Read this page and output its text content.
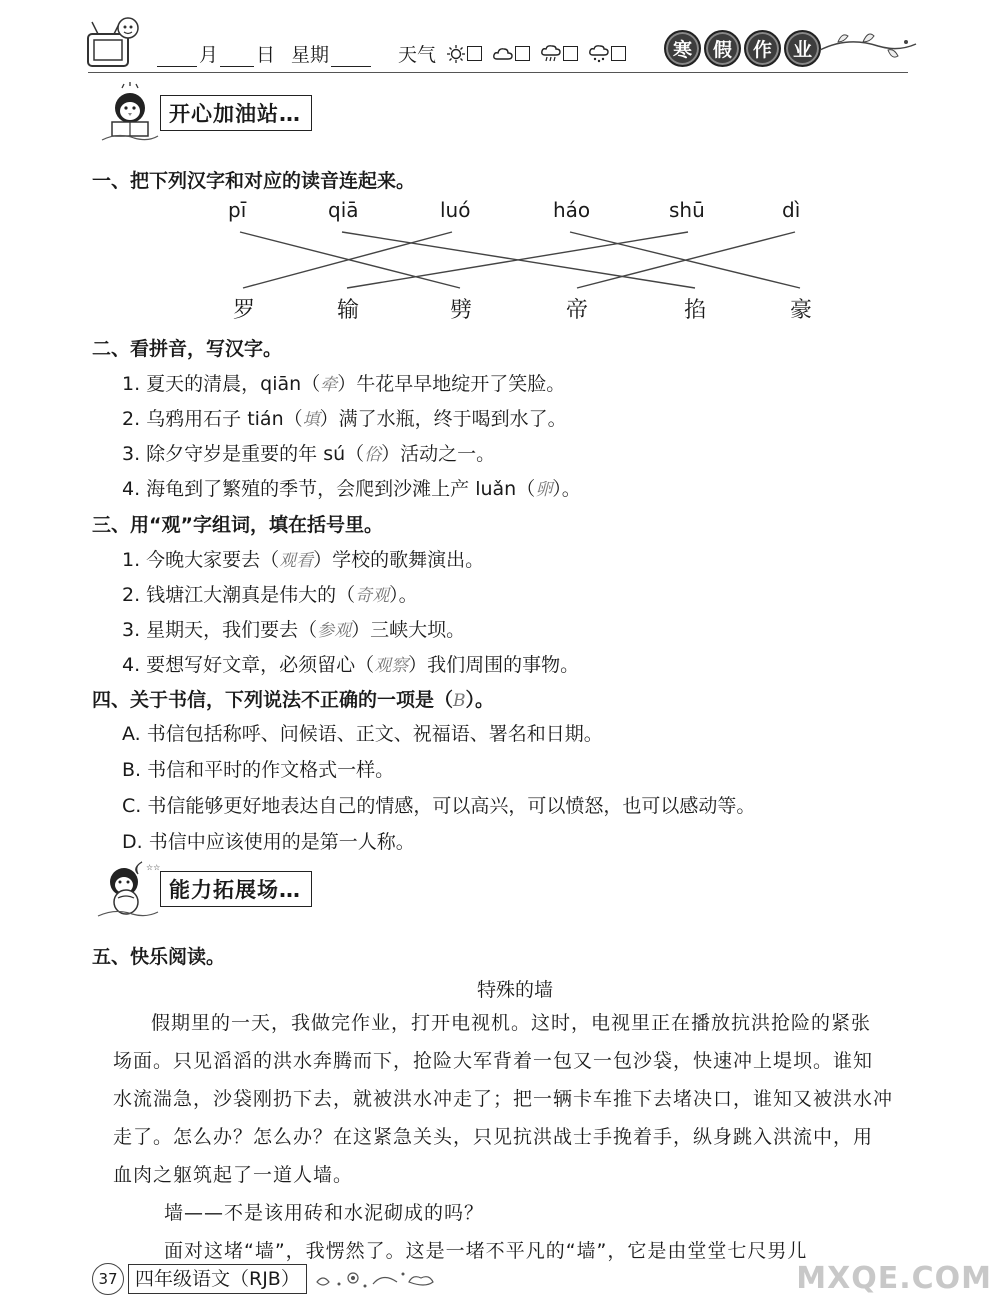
月 日 星期	天气	寒	假	作	业
开心加油站…
一、把下列汉字和对应的读音连起来。
pī	qiā	luó	háo	shū	dì
罗	输	劈	帝	掐	豪
二、看拼音，写汉字。
1. 夏天的清晨，qiān（牵）牛花早早地绽开了笑脸。
2. 乌鸦用石子 tián（填）满了水瓶，终于喝到水了。
3. 除夕守岁是重要的年 sú（俗）活动之一。
4. 海龟到了繁殖的季节，会爬到沙滩上产 luǎn（卵）。
三、用“观”字组词，填在括号里。
1. 今晚大家要去（观看）学校的歌舞演出。
2. 钱塘江大潮真是伟大的（奇观）。
3. 星期天，我们要去（参观）三峡大坝。
4. 要想写好文章，必须留心（观察）我们周围的事物。
四、关于书信，下列说法不正确的一项是（B）。
A. 书信包括称呼、问候语、正文、祝福语、署名和日期。
B. 书信和平时的作文格式一样。
C. 书信能够更好地表达自己的情感，可以高兴，可以愤怒，也可以感动等。
D. 书信中应该使用的是第一人称。
☆☆
能力拓展场…
五、快乐阅读。
特殊的墙
假期里的一天，我做完作业，打开电视机。这时，电视里正在播放抗洪抢险的紧张
场面。只见滔滔的洪水奔腾而下，抢险大军背着一包又一包沙袋，快速冲上堤坝。谁知
水流湍急，沙袋刚扔下去，就被洪水冲走了；把一辆卡车推下去堵决口，谁知又被洪水冲
走了。怎么办？怎么办？在这紧急关头，只见抗洪战士手挽着手，纵身跳入洪流中，用
血肉之躯筑起了一道人墙。
墙——不是该用砖和水泥砌成的吗？
面对这堵“墙”，我愣然了。这是一堵不平凡的“墙”，它是由堂堂七尺男儿
37 四年级语文（RJB）	MXQE.COM
